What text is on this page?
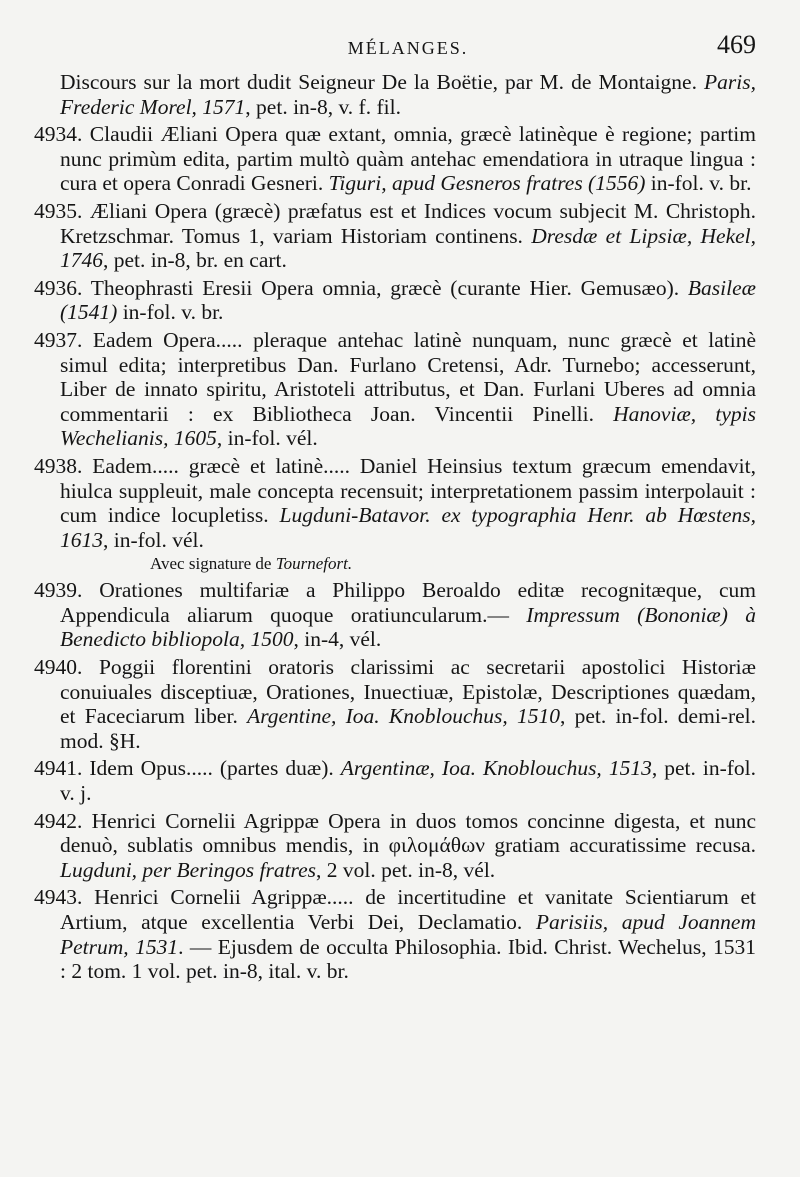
MÉLANGES.	469

Discours sur la mort dudit Seigneur De la Boëtie, par M. de Montaigne. Paris, Frederic Morel, 1571, pet. in-8, v. f. fil.

4934. Claudii Æliani Opera quæ extant, omnia, græcè latinèque è regione; partim nunc primùm edita, partim multò quàm antehac emendatiora in utraque lingua : cura et opera Conradi Gesneri. Tiguri, apud Gesneros fratres (1556) in-fol. v. br.

4935. Æliani Opera (græcè) præfatus est et Indices vocum subjecit M. Christoph. Kretzschmar. Tomus 1, variam Historiam continens. Dresdæ et Lipsiæ, Hekel, 1746, pet. in-8, br. en cart.

4936. Theophrasti Eresii Opera omnia, græcè (curante Hier. Gemusæo). Basileæ (1541) in-fol. v. br.

4937. Eadem Opera..... pleraque antehac latinè nunquam, nunc græcè et latinè simul edita; interpretibus Dan. Furlano Cretensi, Adr. Turnebo; accesserunt, Liber de innato spiritu, Aristoteli attributus, et Dan. Furlani Uberes ad omnia commentarii : ex Bibliotheca Joan. Vincentii Pinelli. Hanoviæ, typis Wechelianis, 1605, in-fol. vél.

4938. Eadem..... græcè et latinè..... Daniel Heinsius textum græcum emendavit, hiulca suppleuit, male concepta recensuit; interpretationem passim interpolauit : cum indice locupletiss. Lugduni-Batavor. ex typographia Henr. ab Hœstens, 1613, in-fol. vél.

Avec signature de Tournefort.

4939. Orationes multifariæ a Philippo Beroaldo editæ recognitæque, cum Appendicula aliarum quoque oratiuncularum.— Impressum (Bononiæ) à Benedicto bibliopola, 1500, in-4, vél.

4940. Poggii florentini oratoris clarissimi ac secretarii apostolici Historiæ conuiuales disceptiuæ, Orationes, Inuectiuæ, Epistolæ, Descriptiones quædam, et Faceciarum liber. Argentine, Ioa. Knoblouchus, 1510, pet. in-fol. demi-rel. mod. §H.

4941. Idem Opus..... (partes duæ). Argentinæ, Ioa. Knoblouchus, 1513, pet. in-fol. v. j.

4942. Henrici Cornelii Agrippæ Opera in duos tomos concinne digesta, et nunc denuò, sublatis omnibus mendis, in φιλομάθων gratiam accuratissime recusa. Lugduni, per Beringos fratres, 2 vol. pet. in-8, vél.

4943. Henrici Cornelii Agrippæ..... de incertitudine et vanitate Scientiarum et Artium, atque excellentia Verbi Dei, Declamatio. Parisiis, apud Joannem Petrum, 1531. — Ejusdem de occulta Philosophia. Ibid. Christ. Wechelus, 1531 : 2 tom. 1 vol. pet. in-8, ital. v. br.
